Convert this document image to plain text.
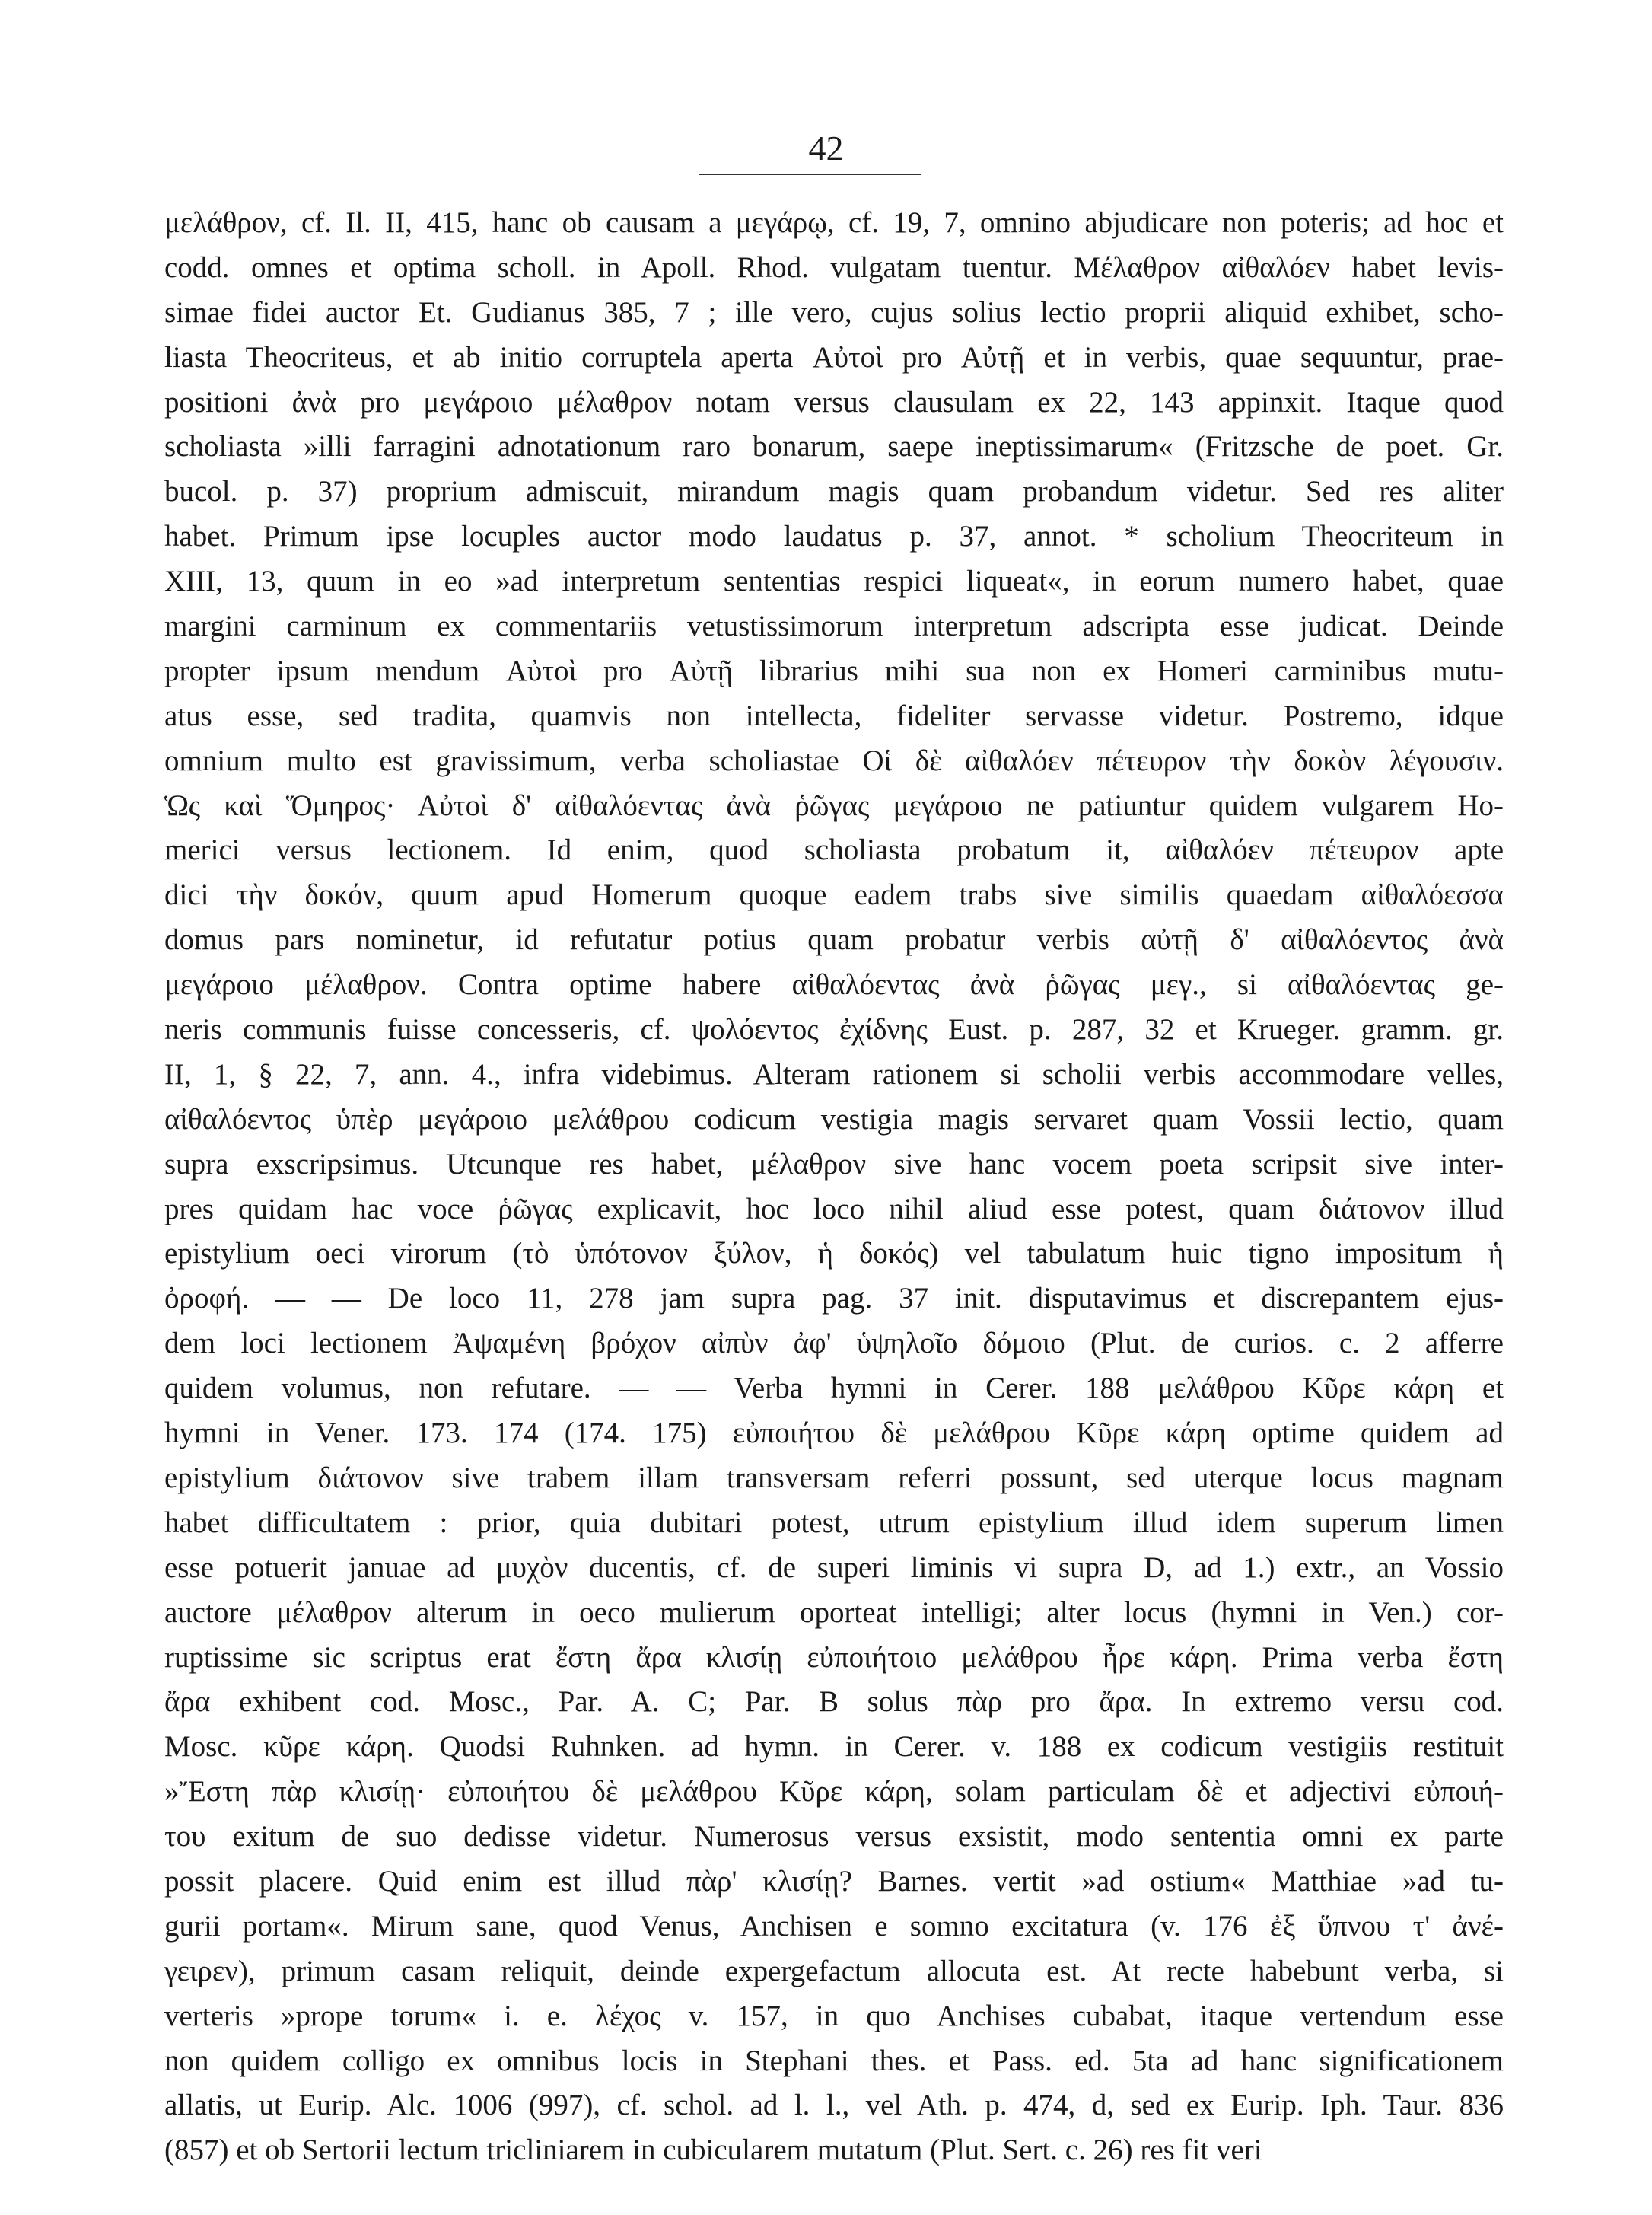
42
μελάθρον, cf. Il. II, 415, hanc ob causam a μεγάρῳ, cf. 19, 7, omnino abjudicare non poteris; ad hoc et
codd. omnes et optima scholl. in Apoll. Rhod. vulgatam tuentur. Μέλαθρον αἰθαλόεν habet levis-
simae fidei auctor Et. Gudianus 385, 7 ; ille vero, cujus solius lectio proprii aliquid exhibet, scho-
liasta Theocriteus, et ab initio corruptela aperta Αὐτοὶ pro Αὐτῇ et in verbis, quae sequuntur, prae-
positioni ἀνὰ pro μεγάροιο μέλαθρον notam versus clausulam ex 22, 143 appinxit. Itaque quod
scholiasta »illi farragini adnotationum raro bonarum, saepe ineptissimarum« (Fritzsche de poet. Gr.
bucol. p. 37) proprium admiscuit, mirandum magis quam probandum videtur. Sed res aliter
habet. Primum ipse locuples auctor modo laudatus p. 37, annot. * scholium Theocriteum in
XIII, 13, quum in eo »ad interpretum sententias respici liqueat«, in eorum numero habet, quae
margini carminum ex commentariis vetustissimorum interpretum adscripta esse judicat. Deinde
propter ipsum mendum Αὐτοὶ pro Αὐτῇ librarius mihi sua non ex Homeri carminibus mutu-
atus esse, sed tradita, quamvis non intellecta, fideliter servasse videtur. Postremo, idque
omnium multo est gravissimum, verba scholiastae Οἱ δὲ αἰθαλόεν πέτευρον τὴν δοκὸν λέγουσιν.
Ὡς καὶ Ὅμηρος· Αὐτοὶ δ' αἰθαλόεντας ἀνὰ ῥῶγας μεγάροιο ne patiuntur quidem vulgarem Ho-
merici versus lectionem. Id enim, quod scholiasta probatum it, αἰθαλόεν πέτευρον apte
dici τὴν δοκόν, quum apud Homerum quoque eadem trabs sive similis quaedam αἰθαλόεσσα
domus pars nominetur, id refutatur potius quam probatur verbis αὐτῇ δ' αἰθαλόεντος ἀνὰ
μεγάροιο μέλαθρον. Contra optime habere αἰθαλόεντας ἀνὰ ῥῶγας μεγ., si αἰθαλόεντας ge-
neris communis fuisse concesseris, cf. ψολόεντος ἐχίδνης Eust. p. 287, 32 et Krueger. gramm. gr.
II, 1, § 22, 7, ann. 4., infra videbimus. Alteram rationem si scholii verbis accommodare velles,
αἰθαλόεντος ὑπὲρ μεγάροιο μελάθρου codicum vestigia magis servaret quam Vossii lectio, quam
supra exscripsimus. Utcunque res habet, μέλαθρον sive hanc vocem poeta scripsit sive inter-
pres quidam hac voce ῥῶγας explicavit, hoc loco nihil aliud esse potest, quam διάτονον illud
epistylium oeci virorum (τὸ ὑπότονον ξύλον, ἡ δοκός) vel tabulatum huic tigno impositum ἡ
ὀροφή. — — De loco 11, 278 jam supra pag. 37 init. disputavimus et discrepantem ejus-
dem loci lectionem Ἀψαμένη βρόχον αἰπὺν ἀφ' ὑψηλοῖο δόμοιο (Plut. de curios. c. 2 afferre
quidem volumus, non refutare. — — Verba hymni in Cerer. 188 μελάθρου Κῦρε κάρη et
hymni in Vener. 173. 174 (174. 175) εὐποιήτου δὲ μελάθρου Κῦρε κάρη optime quidem ad
epistylium διάτονον sive trabem illam transversam referri possunt, sed uterque locus magnam
habet difficultatem : prior, quia dubitari potest, utrum epistylium illud idem superum limen
esse potuerit januae ad μυχὸν ducentis, cf. de superi liminis vi supra D, ad 1.) extr., an Vossio
auctore μέλαθρον alterum in oeco mulierum oporteat intelligi; alter locus (hymni in Ven.) cor-
ruptissime sic scriptus erat ἔστη ἄρα κλισίῃ εὐποιήτοιο μελάθρου ἦρε κάρη. Prima verba ἔστη
ἄρα exhibent cod. Mosc., Par. A. C; Par. B solus πὰρ pro ἄρα. In extremo versu cod.
Mosc. κῦρε κάρη. Quodsi Ruhnken. ad hymn. in Cerer. v. 188 ex codicum vestigiis restituit
»Ἔστη πὰρ κλισίῃ· εὐποιήτου δὲ μελάθρου Κῦρε κάρη, solam particulam δὲ et adjectivi εὐποιή-
του exitum de suo dedisse videtur. Numerosus versus exsistit, modo sententia omni ex parte
possit placere. Quid enim est illud πὰρ' κλισίῃ? Barnes. vertit »ad ostium« Matthiae »ad tu-
gurii portam«. Mirum sane, quod Venus, Anchisen e somno excitatura (v. 176 ἐξ ὕπνου τ' ἀνέ-
γειρεν), primum casam reliquit, deinde expergefactum allocuta est. At recte habebunt verba, si
verteris »prope torum« i. e. λέχος v. 157, in quo Anchises cubabat, itaque vertendum esse
non quidem colligo ex omnibus locis in Stephani thes. et Pass. ed. 5ta ad hanc significationem
allatis, ut Eurip. Alc. 1006 (997), cf. schol. ad l. l., vel Ath. p. 474, d, sed ex Eurip. Iph. Taur. 836
(857) et ob Sertorii lectum tricliniarem in cubicularem mutatum (Plut. Sert. c. 26) res fit veri
